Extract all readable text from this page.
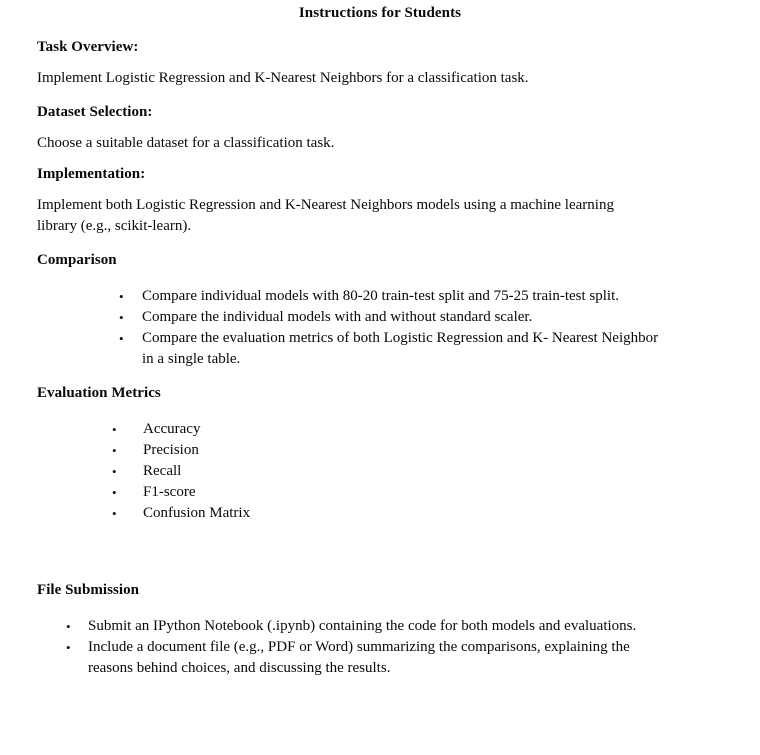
Instructions for Students
Task Overview:

Implement Logistic Regression and K-Nearest Neighbors for a classification task.

Dataset Selection:

Choose a suitable dataset for a classification task.

Implementation:

Implement both Logistic Regression and K-Nearest Neighbors models using a machine learning library (e.g., scikit-learn).

Comparison
• Compare individual models with 80-20 train-test split and 75-25 train-test split.
• Compare the individual models with and without standard scaler.
• Compare the evaluation metrics of both Logistic Regression and K- Nearest Neighbor in a single table.
Evaluation Metrics
• Accuracy
• Precision
• Recall
• F1-score
• Confusion Matrix
File Submission
• Submit an IPython Notebook (.ipynb) containing the code for both models and evaluations.
• Include a document file (e.g., PDF or Word) summarizing the comparisons, explaining the reasons behind choices, and discussing the results.
